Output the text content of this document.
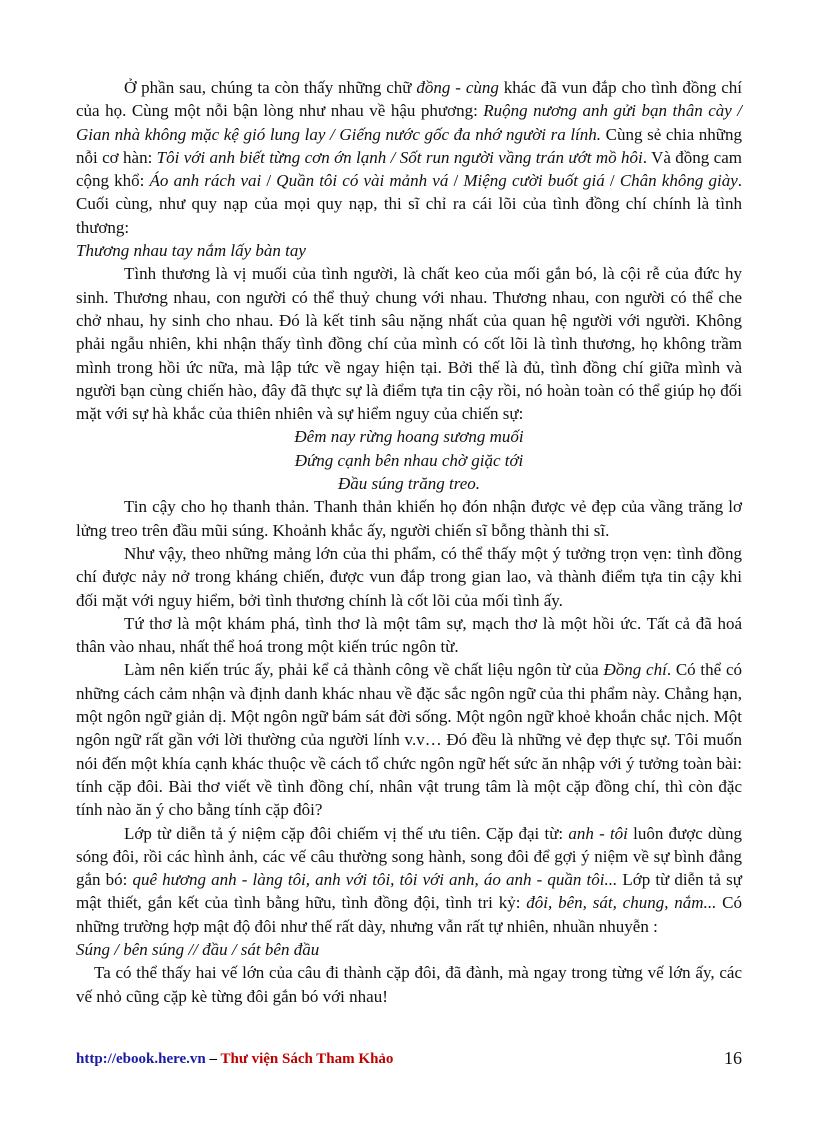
Ở phần sau, chúng ta còn thấy những chữ đồng - cùng khác đã vun đắp cho tình đồng chí của họ. Cùng một nỗi bận lòng như nhau về hậu phương: Ruộng nương anh gửi bạn thân cày / Gian nhà không mặc kệ gió lung lay / Giếng nước gốc đa nhớ người ra lính. Cùng sẻ chia những nỗi cơ hàn: Tôi với anh biết từng cơn ớn lạnh / Sốt run người vầng trán ướt mồ hôi. Và đồng cam cộng khổ: Áo anh rách vai / Quần tôi có vài mảnh vá / Miệng cười buốt giá / Chân không giày. Cuối cùng, như quy nạp của mọi quy nạp, thi sĩ chỉ ra cái lõi của tình đồng chí chính là tình thương:

Thương nhau tay nắm lấy bàn tay

Tình thương là vị muối của tình người, là chất keo của mối gắn bó, là cội rễ của đức hy sinh. Thương nhau, con người có thể thuỷ chung với nhau. Thương nhau, con người có thể che chở nhau, hy sinh cho nhau. Đó là kết tinh sâu nặng nhất của quan hệ người với người. Không phải ngẫu nhiên, khi nhận thấy tình đồng chí của mình có cốt lõi là tình thương, họ không trầm mình trong hồi ức nữa, mà lập tức về ngay hiện tại. Bởi thế là đủ, tình đồng chí giữa mình và người bạn cùng chiến hào, đây đã thực sự là điểm tựa tin cậy rồi, nó hoàn toàn có thể giúp họ đối mặt với sự hà khắc của thiên nhiên và sự hiểm nguy của chiến sự:

Đêm nay rừng hoang sương muối
Đứng cạnh bên nhau chờ giặc tới
Đầu súng trăng treo.

Tin cậy cho họ thanh thản. Thanh thản khiến họ đón nhận được vẻ đẹp của vầng trăng lơ lửng treo trên đầu mũi súng. Khoảnh khắc ấy, người chiến sĩ bỗng thành thi sĩ.

Như vậy, theo những mảng lớn của thi phẩm, có thể thấy một ý tưởng trọn vẹn: tình đồng chí được nảy nở trong kháng chiến, được vun đắp trong gian lao, và thành điểm tựa tin cậy khi đối mặt với nguy hiểm, bởi tình thương chính là cốt lõi của mối tình ấy.

Tứ thơ là một khám phá, tình thơ là một tâm sự, mạch thơ là một hồi ức. Tất cả đã hoá thân vào nhau, nhất thể hoá trong một kiến trúc ngôn từ.

Làm nên kiến trúc ấy, phải kể cả thành công về chất liệu ngôn từ của Đồng chí. Có thể có những cách cảm nhận và định danh khác nhau về đặc sắc ngôn ngữ của thi phẩm này. Chẳng hạn, một ngôn ngữ giản dị. Một ngôn ngữ bám sát đời sống. Một ngôn ngữ khoẻ khoắn chắc nịch. Một ngôn ngữ rất gần với lời thường của người lính v.v… Đó đều là những vẻ đẹp thực sự. Tôi muốn nói đến một khía cạnh khác thuộc về cách tổ chức ngôn ngữ hết sức ăn nhập với ý tưởng toàn bài: tính cặp đôi. Bài thơ viết về tình đồng chí, nhân vật trung tâm là một cặp đồng chí, thì còn đặc tính nào ăn ý cho bằng tính cặp đôi?

Lớp từ diễn tả ý niệm cặp đôi chiếm vị thế ưu tiên. Cặp đại từ: anh - tôi luôn được dùng sóng đôi, rồi các hình ảnh, các vế câu thường song hành, song đôi để gợi ý niệm về sự bình đẳng gắn bó: quê hương anh - làng tôi, anh với tôi, tôi với anh, áo anh - quần tôi... Lớp từ diễn tả sự mật thiết, gắn kết của tình bằng hữu, tình đồng đội, tình tri kỷ: đôi, bên, sát, chung, nắm... Có những trường hợp mật độ đôi như thế rất dày, nhưng vẫn rất tự nhiên, nhuần nhuyễn :

Súng / bên súng // đầu / sát bên đầu

Ta có thể thấy hai vế lớn của câu đi thành cặp đôi, đã đành, mà ngay trong từng vế lớn ấy, các vế nhỏ cũng cặp kè từng đôi gắn bó với nhau!

http://ebook.here.vn – Thư viện Sách Tham Khảo	16
